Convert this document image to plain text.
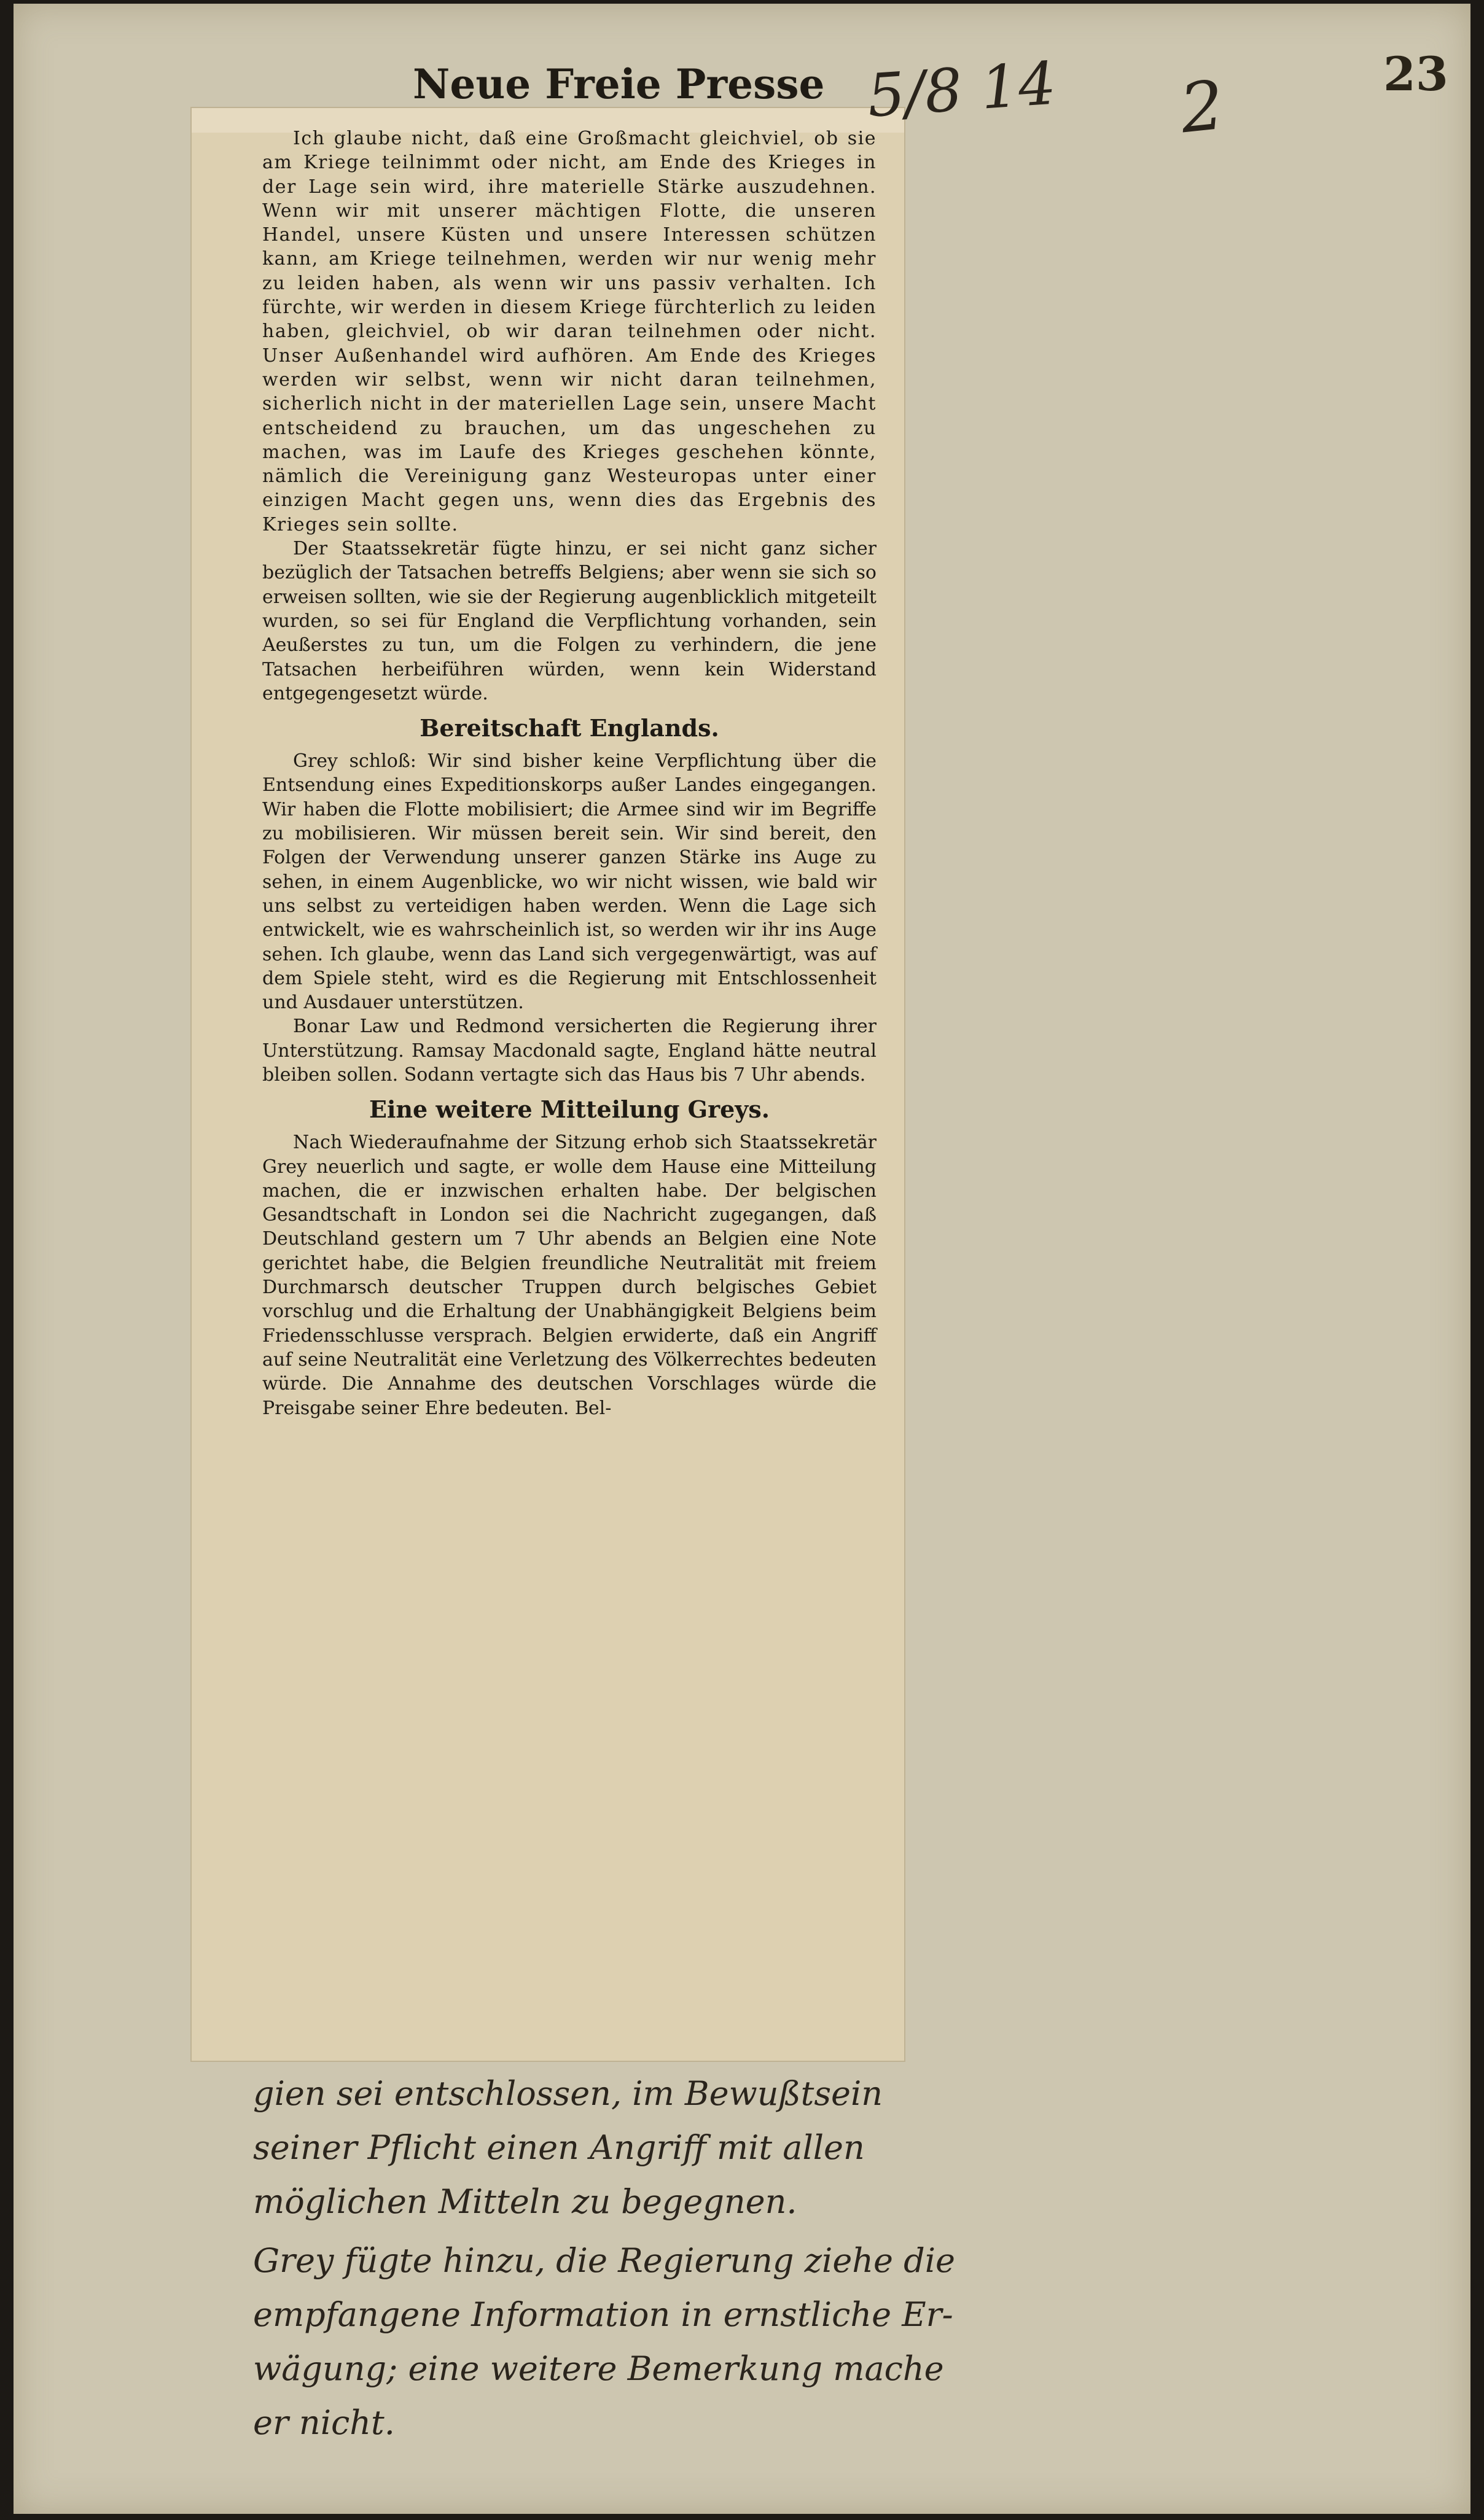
23

Ich glaube nicht, daß eine Großmacht gleichviel, ob sie am Kriege teilnimmt oder nicht, am Ende des Krieges in der Lage sein wird, ihre materielle Stärke auszudehnen. Wenn wir mit unserer mächtigen Flotte, die unseren Handel, unsere Küsten und unsere Interessen schützen kann, am Kriege teilnehmen, werden wir nur wenig mehr zu leiden haben, als wenn wir uns passiv verhalten. Ich fürchte, wir werden in diesem Kriege fürchterlich zu leiden haben, gleichviel, ob wir daran teilnehmen oder nicht. Unser Außenhandel wird aufhören. Am Ende des Krieges werden wir selbst, wenn wir nicht daran teilnehmen, sicherlich nicht in der materiellen Lage sein, unsere Macht entscheidend zu brauchen, um das ungeschehen zu machen, was im Laufe des Krieges geschehen könnte, nämlich die Vereinigung ganz Westeuropas unter einer einzigen Macht gegen uns, wenn dies das Ergebnis des Krieges sein sollte.

Der Staatssekretär fügte hinzu, er sei nicht ganz sicher bezüglich der Tatsachen betreffs Belgiens; aber wenn sie sich so erweisen sollten, wie sie der Regierung augenblicklich mitgeteilt wurden, so sei für England die Verpflichtung vorhanden, sein Aeußerstes zu tun, um die Folgen zu verhindern, die jene Tatsachen herbeiführen würden, wenn kein Widerstand entgegengesetzt würde.

Bereitschaft Englands.

Grey schloß: Wir sind bisher keine Verpflichtung über die Entsendung eines Expeditionskorps außer Landes eingegangen. Wir haben die Flotte mobilisiert; die Armee sind wir im Begriffe zu mobilisieren. Wir müssen bereit sein. Wir sind bereit, den Folgen der Verwendung unserer ganzen Stärke ins Auge zu sehen, in einem Augenblicke, wo wir nicht wissen, wie bald wir uns selbst zu verteidigen haben werden. Wenn die Lage sich entwickelt, wie es wahrscheinlich ist, so werden wir ihr ins Auge sehen. Ich glaube, wenn das Land sich vergegenwärtigt, was auf dem Spiele steht, wird es die Regierung mit Entschlossenheit und Ausdauer unterstützen.

Bonar Law und Redmond versicherten die Regierung ihrer Unterstützung. Ramsay Macdonald sagte, England hätte neutral bleiben sollen. Sodann vertagte sich das Haus bis 7 Uhr abends.

Eine weitere Mitteilung Greys.

Nach Wiederaufnahme der Sitzung erhob sich Staatssekretär Grey neuerlich und sagte, er wolle dem Hause eine Mitteilung machen, die er inzwischen erhalten habe. Der belgischen Gesandtschaft in London sei die Nachricht zugegangen, daß Deutschland gestern um 7 Uhr abends an Belgien eine Note gerichtet habe, die Belgien freundliche Neutralität mit freiem Durchmarsch deutscher Truppen durch belgisches Gebiet vorschlug und die Erhaltung der Unabhängigkeit Belgiens beim Friedensschlusse versprach. Belgien erwiderte, daß ein Angriff auf seine Neutralität eine Verletzung des Völkerrechtes bedeuten würde. Die Annahme des deutschen Vorschlages würde die Preisgabe seiner Ehre bedeuten. Bel-

Neue Freie Presse 5/8 14 2
gien sei entschlossen, im Bewußtsein
seiner Pflicht einen Angriff mit allen
möglichen Mitteln zu begegnen.
Grey fügte hinzu, die Regierung ziehe die
empfangene Information in ernstliche Er-
wägung; eine weitere Bemerkung mache
er nicht.
